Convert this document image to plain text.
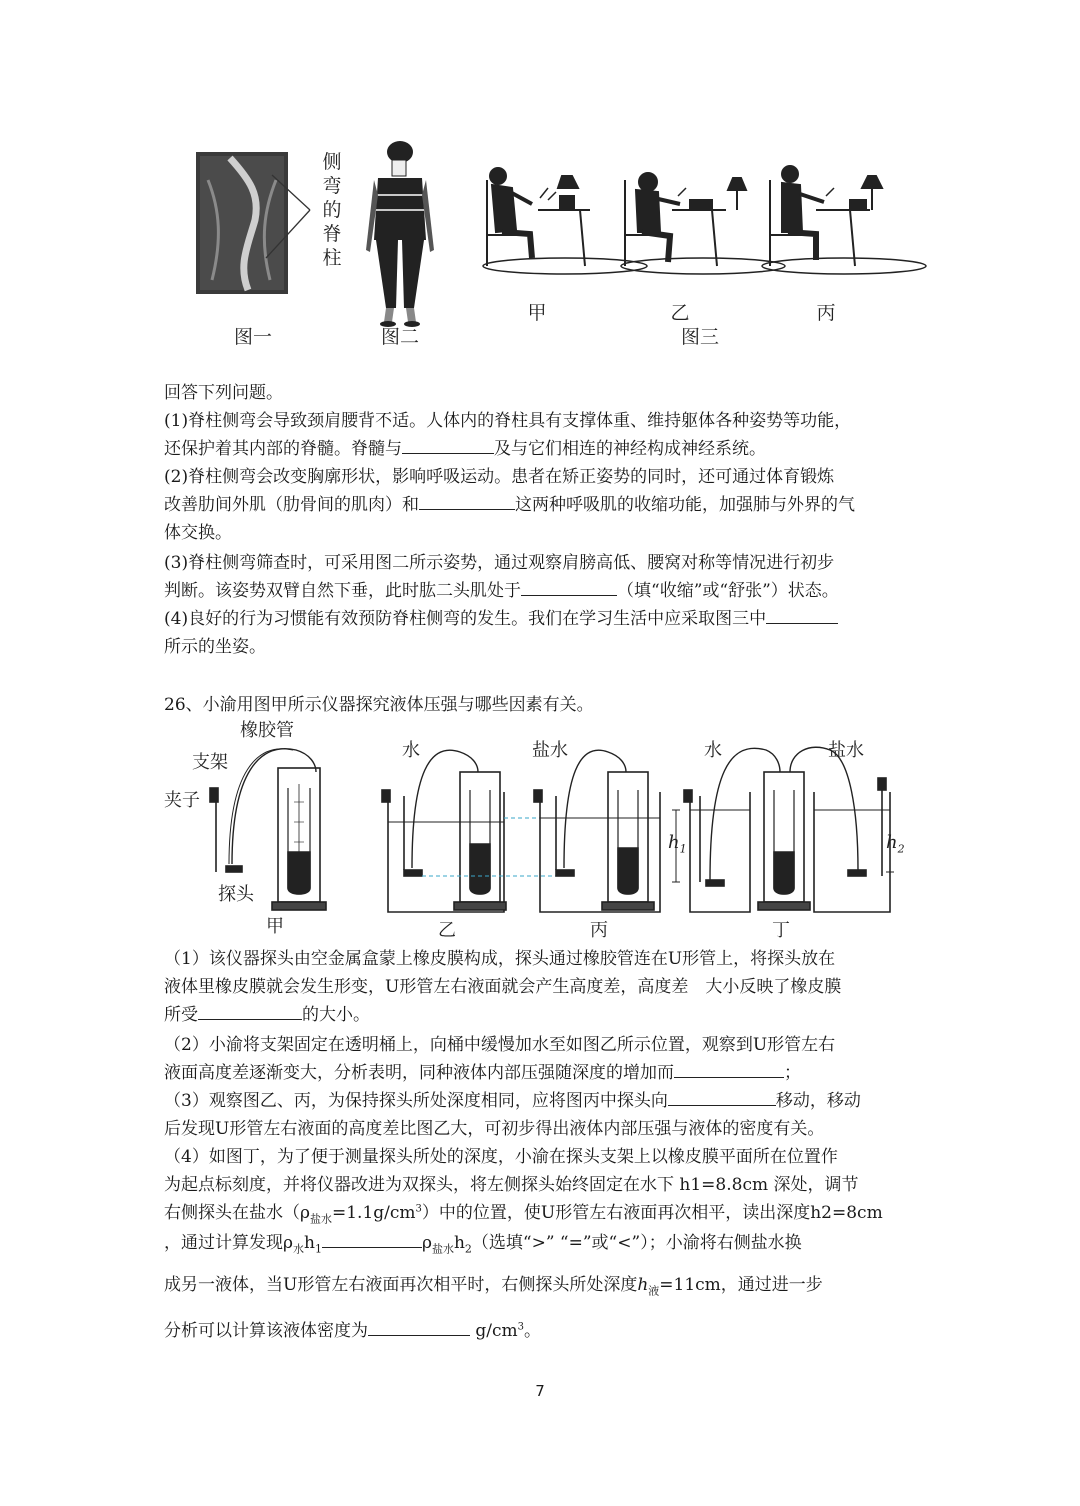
侧
弯
的
脊
柱
甲	乙	丙
图一	图二	图三
回答下列问题。
(1)脊柱侧弯会导致颈肩腰背不适。人体内的脊柱具有支撑体重、维持躯体各种姿势等功能，
还保护着其内部的脊髓。脊髓与	及与它们相连的神经构成神经系统。
(2)脊柱侧弯会改变胸廓形状，影响呼吸运动。患者在矫正姿势的同时，还可通过体育锻炼
改善肋间外肌（肋骨间的肌肉）和	这两种呼吸肌的收缩功能，加强肺与外界的气
体交换。
(3)脊柱侧弯筛查时，可采用图二所示姿势，通过观察肩膀高低、腰窝对称等情况进行初步
判断。该姿势双臂自然下垂，此时肱二头肌处于	（填“收缩”或“舒张”）状态。
(4)良好的行为习惯能有效预防脊柱侧弯的发生。我们在学习生活中应采取图三中
所示的坐姿。
26、小渝用图甲所示仪器探究液体压强与哪些因素有关。
橡胶管
支架
夹子
探头
甲
水	盐水	水	盐水
乙	丙	丁
$h_1$	$h_2$
（1）该仪器探头由空金属盒蒙上橡皮膜构成，探头通过橡胶管连在U形管上，将探头放在
液体里橡皮膜就会发生形变，U形管左右液面就会产生高度差，高度差　大小反映了橡皮膜
所受	的大小。
（2）小渝将支架固定在透明桶上，向桶中缓慢加水至如图乙所示位置，观察到U形管左右
液面高度差逐渐变大，分析表明，同种液体内部压强随深度的增加而	；
（3）观察图乙、丙，为保持探头所处深度相同，应将图丙中探头向	移动，移动
后发现U形管左右液面的高度差比图乙大，可初步得出液体内部压强与液体的密度有关。
（4）如图丁，为了便于测量探头所处的深度，小渝在探头支架上以橡皮膜平面所在位置作
为起点标刻度，并将仪器改进为双探头，将左侧探头始终固定在水下 h1=8.8cm 深处，调节
右侧探头在盐水$(\rho_{盐水}=1.1g/cm^3)$中的位置，使U形管左右液面再次相平，读出深度h2=8cm
，通过计算发现$\rho_水h_1$	$\rho_{盐水}h_2$（选填“>” “=”或“<”）；小渝将右侧盐水换
成另一液体，当U形管左右液面再次相平时，右侧探头所处深度$h_液=11cm$，通过进一步
分析可以计算该液体密度为	$g/cm^3$。
7
